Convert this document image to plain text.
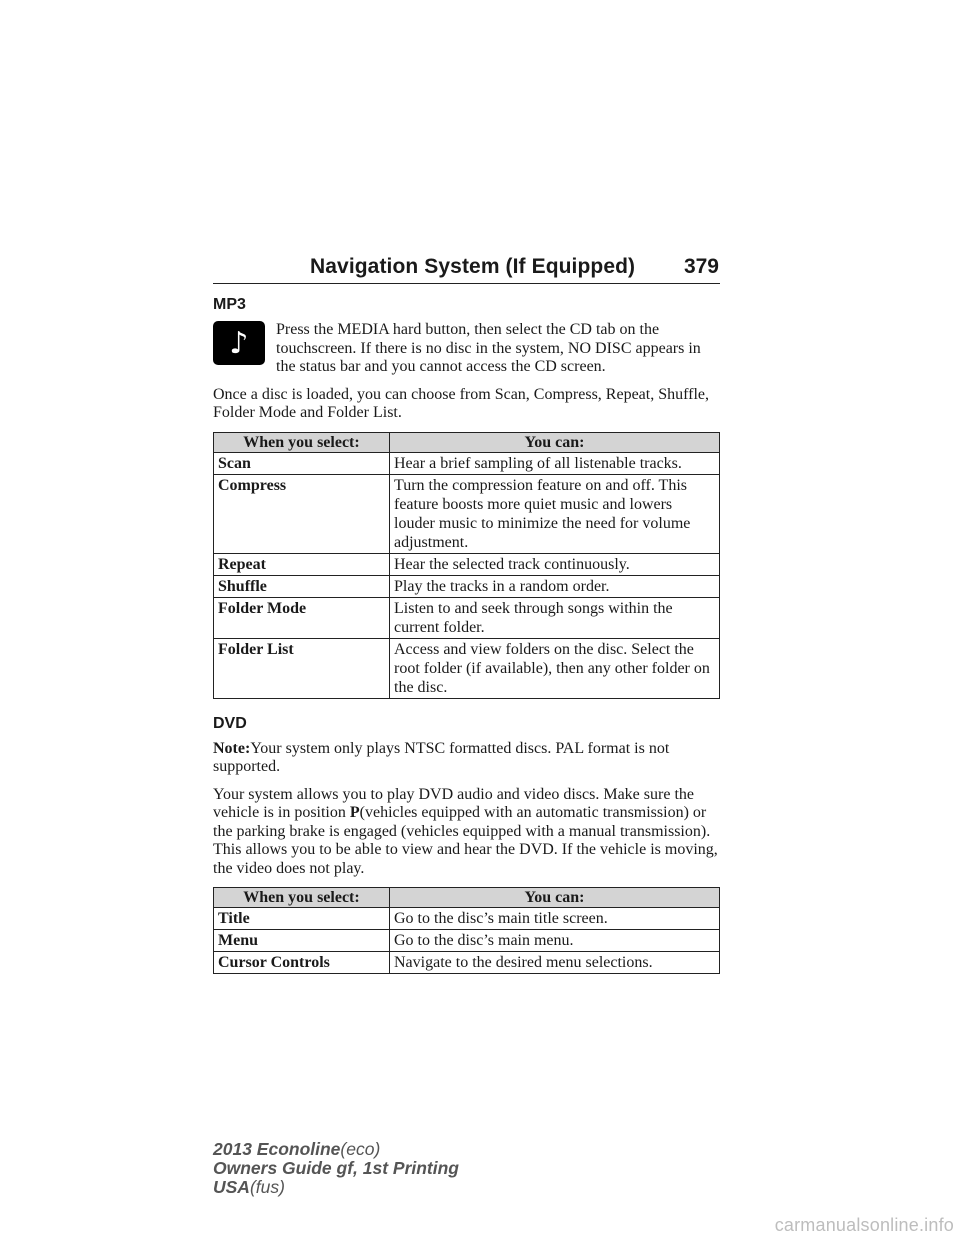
Navigation System (If Equipped) 379
MP3
♪	Press the MEDIA hard button, then select the CD tab on the touchscreen. If there is no disc in the system, NO DISC appears in the status bar and you cannot access the CD screen.

Once a disc is loaded, you can choose from Scan, Compress, Repeat, Shuffle, Folder Mode and Folder List.

When you select:	You can:
Scan	Hear a brief sampling of all listenable tracks.
Compress	Turn the compression feature on and off. This feature boosts more quiet music and lowers louder music to minimize the need for volume adjustment.
Repeat	Hear the selected track continuously.
Shuffle	Play the tracks in a random order.
Folder Mode	Listen to and seek through songs within the current folder.
Folder List	Access and view folders on the disc. Select the root folder (if available), then any other folder on the disc.
DVD

Note:Your system only plays NTSC formatted discs. PAL format is not supported.

Your system allows you to play DVD audio and video discs. Make sure the vehicle is in position P(vehicles equipped with an automatic transmission) or the parking brake is engaged (vehicles equipped with a manual transmission). This allows you to be able to view and hear the DVD. If the vehicle is moving, the video does not play.

When you select:	You can:
Title	Go to the disc’s main title screen.
Menu	Go to the disc’s main menu.
Cursor Controls	Navigate to the desired menu selections.
2013 Econoline(eco)
Owners Guide gf, 1st Printing
USA(fus)
carmanualsonline.info
